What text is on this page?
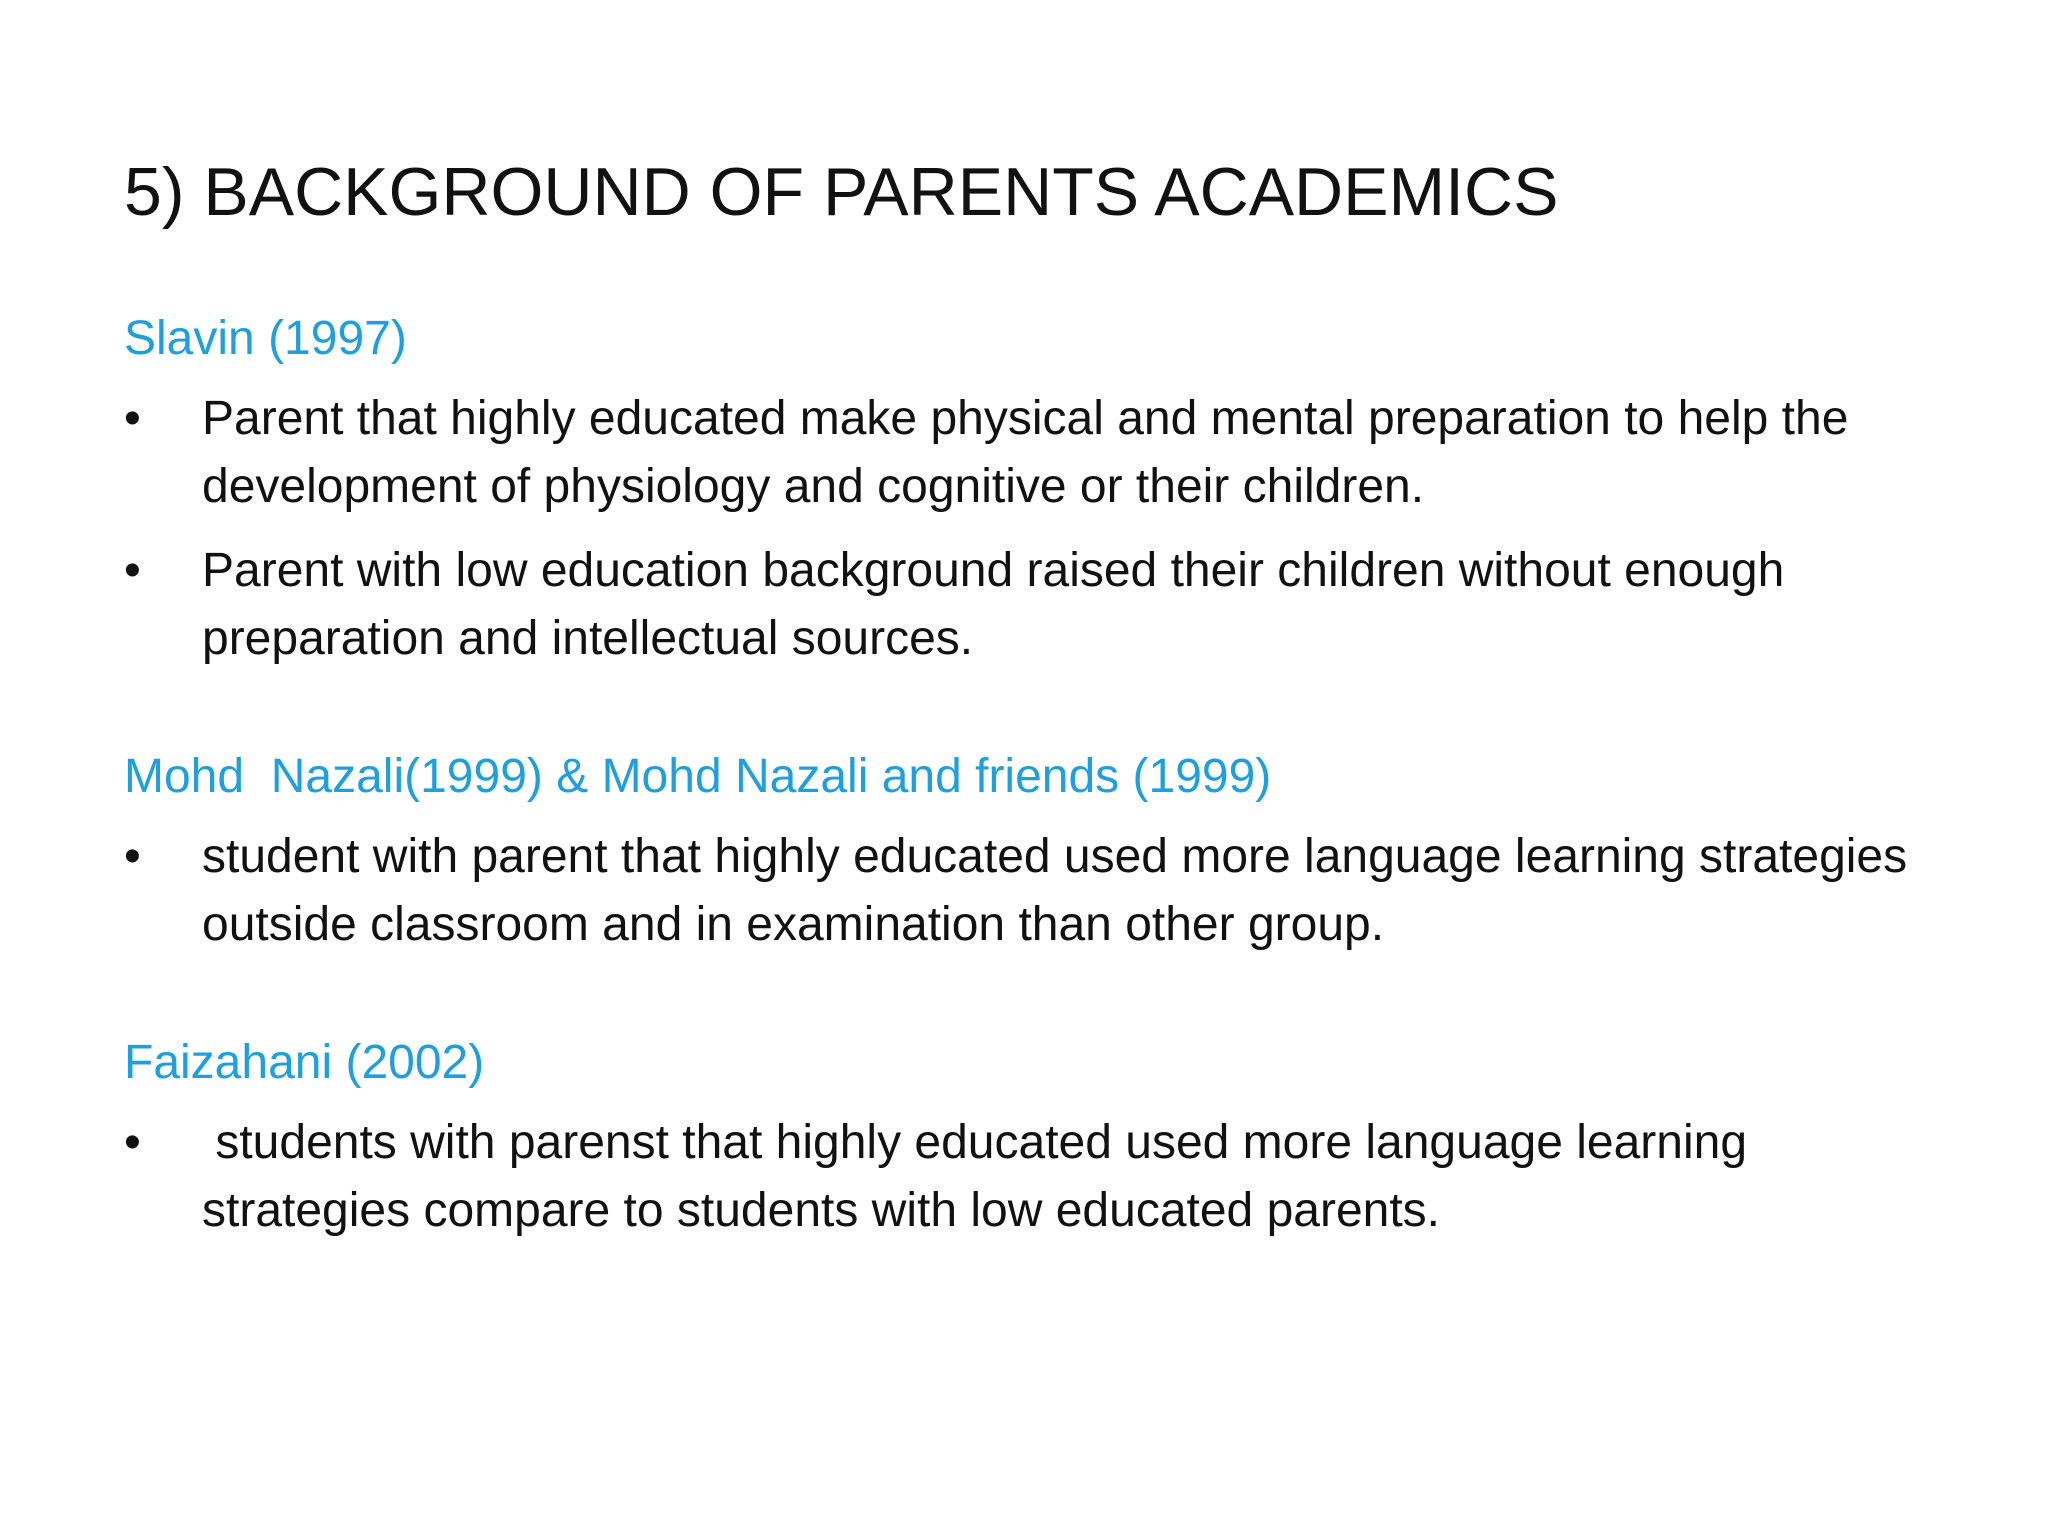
5) BACKGROUND OF PARENTS ACADEMICS
Slavin (1997)
•	Parent that highly educated make physical and mental preparation to help the development of physiology and cognitive or their children.
•	Parent with low education background raised their children without enough preparation and intellectual sources.
Mohd  Nazali(1999) & Mohd Nazali and friends (1999)
•	student with parent that highly educated used more language learning strategies outside classroom and in examination than other group.
Faizahani (2002)
•	students with parenst that highly educated used more language learning strategies compare to students with low educated parents.
